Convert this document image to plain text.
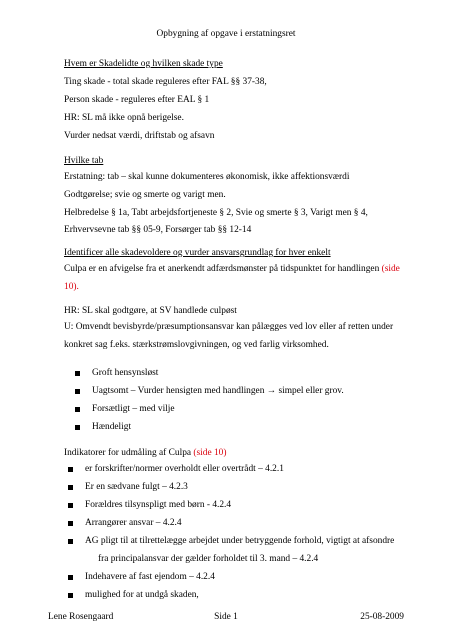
Opbygning af opgave i erstatningsret
Hvem er Skadelidte og hvilken skade type
Ting skade - total skade reguleres efter FAL §§ 37-38,
Person skade - reguleres efter EAL § 1
HR: SL må ikke opnå berigelse.
Vurder nedsat værdi, driftstab og afsavn
Hvilke tab
Erstatning: tab – skal kunne dokumenteres økonomisk, ikke affektionsværdi
Godtgørelse; svie og smerte og varigt men.
Helbredelse § 1a, Tabt arbejdsfortjeneste § 2, Svie og smerte § 3, Varigt men § 4,
Erhvervsevne tab §§ 05-9, Forsørger tab §§ 12-14
Identificer alle skadevoldere og vurder ansvarsgrundlag for hver enkelt
Culpa er en afvigelse fra et anerkendt adfærdsmønster på tidspunktet for handlingen (side
10).
HR: SL skal godtgøre, at SV handlede culpøst
U: Omvendt bevisbyrde/præsumptionsansvar kan pålægges ved lov eller af retten under
konkret sag f.eks. stærkstrømslovgivningen, og ved farlig virksomhed.
Groft hensynsløst
Uagtsomt – Vurder hensigten med handlingen → simpel eller grov.
Forsætligt – med vilje
Hændeligt
Indikatorer for udmåling af Culpa (side 10)
er forskrifter/normer overholdt eller overtrådt – 4.2.1
Er en sædvane fulgt – 4.2.3
Forældres tilsynspligt med børn - 4.2.4
Arrangører ansvar – 4.2.4
AG pligt til at tilrettelægge arbejdet under betryggende forhold, vigtigt at afsondre
fra principalansvar der gælder forholdet til 3. mand – 4.2.4
Indehavere af fast ejendom – 4.2.4
mulighed for at undgå skaden,
Lene Rosengaard	Side 1	25-08-2009
